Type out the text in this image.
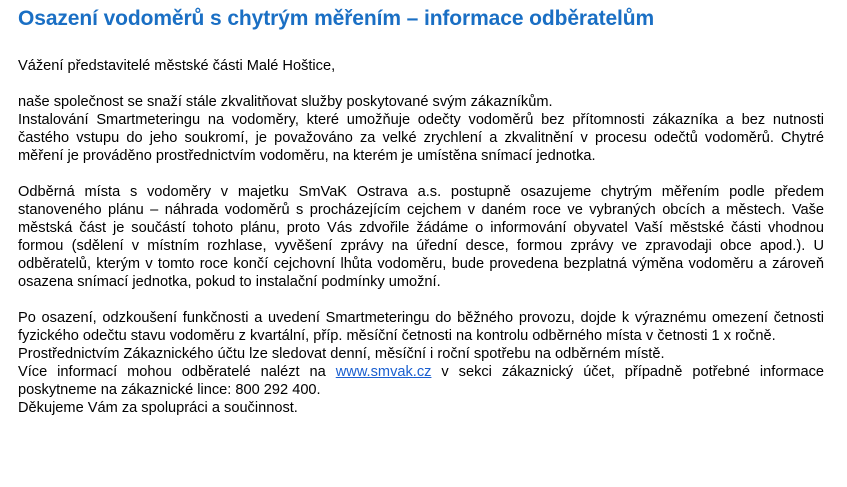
Osazení vodoměrů s chytrým měřením – informace odběratelům

Vážení představitelé městské části Malé Hoštice,

naše společnost se snaží stále zkvalitňovat služby poskytované svým zákazníkům.
Instalování Smartmeteringu na vodoměry, které umožňuje odečty vodoměrů bez přítomnosti zákazníka a bez nutnosti častého vstupu do jeho soukromí, je považováno za velké zrychlení a zkvalitnění v procesu odečtů vodoměrů. Chytré měření je prováděno prostřednictvím vodoměru, na kterém je umístěna snímací jednotka.

Odběrná místa s vodoměry v majetku SmVaK Ostrava a.s. postupně osazujeme chytrým měřením podle předem stanoveného plánu – náhrada vodoměrů s procházejícím cejchem v daném roce ve vybraných obcích a městech. Vaše městská část je součástí tohoto plánu, proto Vás zdvořile žádáme o informování obyvatel Vaší městské části vhodnou formou (sdělení v místním rozhlase, vyvěšení zprávy na úřední desce, formou zprávy ve zpravodaji obce apod.). U odběratelů, kterým v tomto roce končí cejchovní lhůta vodoměru, bude provedena bezplatná výměna vodoměru a zároveň osazena snímací jednotka, pokud to instalační podmínky umožní.

Po osazení, odzkoušení funkčnosti a uvedení Smartmeteringu do běžného provozu, dojde k výraznému omezení četnosti fyzického odečtu stavu vodoměru z kvartální, příp. měsíční četnosti na kontrolu odběrného místa v četnosti 1 x ročně.
Prostřednictvím Zákaznického účtu lze sledovat denní, měsíční i roční spotřebu na odběrném místě.
Více informací mohou odběratelé nalézt na www.smvak.cz v sekci zákaznický účet, případně potřebné informace poskytneme na zákaznické lince: 800 292 400.
Děkujeme Vám za spolupráci a součinnost.
